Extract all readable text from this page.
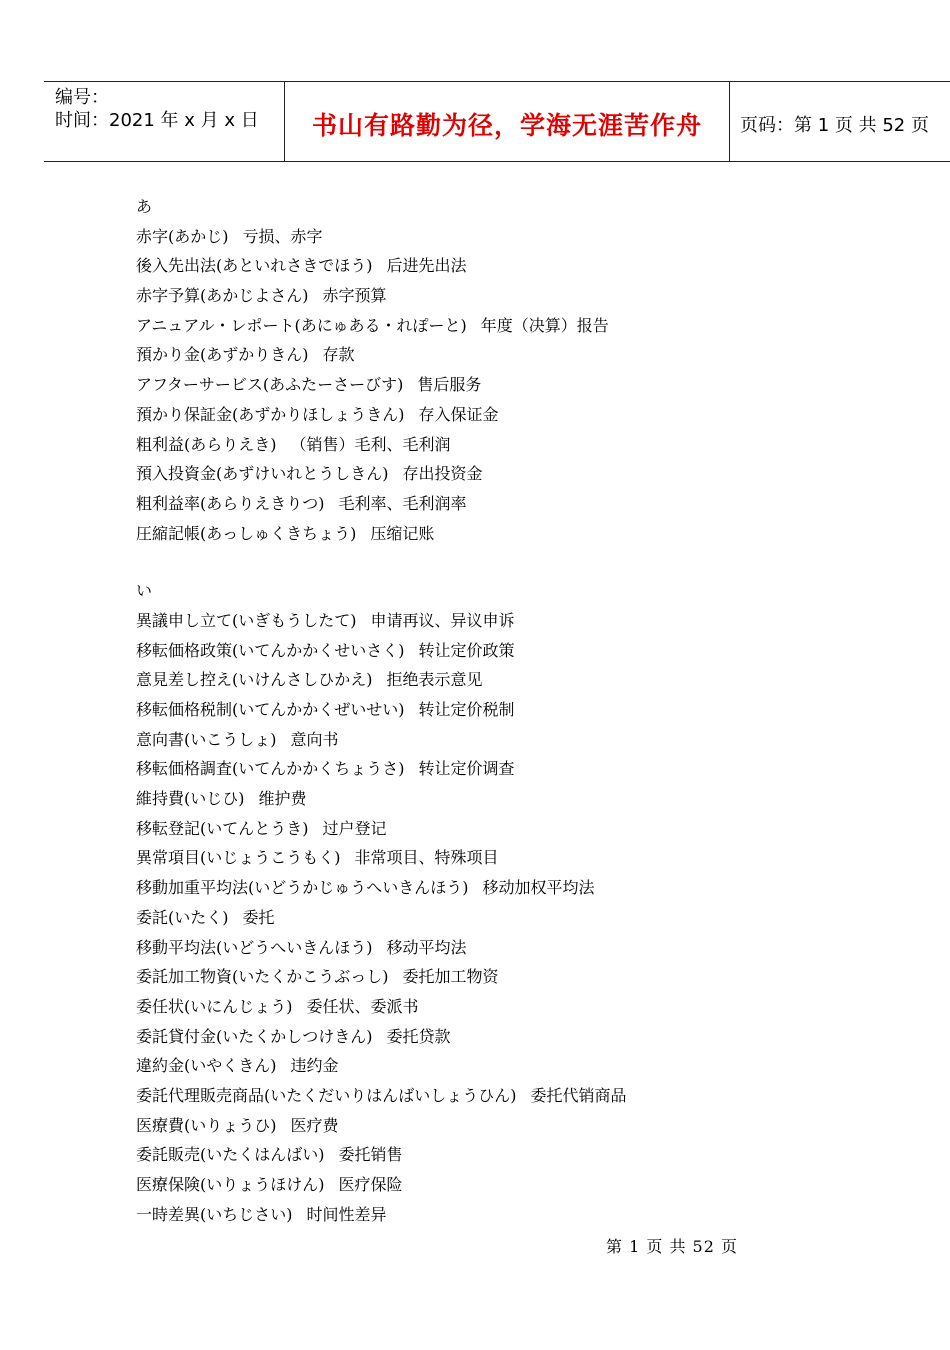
编号：
时间：2021 年 x 月 x 日	书山有路勤为径，学海无涯苦作舟	页码：第 1 页 共 52 页
あ
赤字(あかじ) 亏损、赤字
後入先出法(あといれさきでほう) 后进先出法
赤字予算(あかじよさん) 赤字预算
アニュアル・レポート(あにゅある・れぽーと) 年度（决算）报告
預かり金(あずかりきん) 存款
アフターサービス(あふたーさーびす) 售后服务
預かり保証金(あずかりほしょうきん) 存入保证金
粗利益(あらりえき) （销售）毛利、毛利润
預入投資金(あずけいれとうしきん) 存出投资金
粗利益率(あらりえきりつ) 毛利率、毛利润率
圧縮記帳(あっしゅくきちょう) 压缩记账
い
異議申し立て(いぎもうしたて) 申请再议、异议申诉
移転価格政策(いてんかかくせいさく) 转让定价政策
意見差し控え(いけんさしひかえ) 拒绝表示意见
移転価格税制(いてんかかくぜいせい) 转让定价税制
意向書(いこうしょ) 意向书
移転価格調査(いてんかかくちょうさ) 转让定价调查
維持費(いじひ) 维护费
移転登記(いてんとうき) 过户登记
異常項目(いじょうこうもく) 非常项目、特殊项目
移動加重平均法(いどうかじゅうへいきんほう) 移动加权平均法
委託(いたく) 委托
移動平均法(いどうへいきんほう) 移动平均法
委託加工物資(いたくかこうぶっし) 委托加工物资
委任状(いにんじょう) 委任状、委派书
委託貸付金(いたくかしつけきん) 委托贷款
違約金(いやくきん) 违约金
委託代理販売商品(いたくだいりはんばいしょうひん) 委托代销商品
医療費(いりょうひ) 医疗费
委託販売(いたくはんばい) 委托销售
医療保険(いりょうほけん) 医疗保险
一時差異(いちじさい) 时间性差异
第 1 页 共 52 页
